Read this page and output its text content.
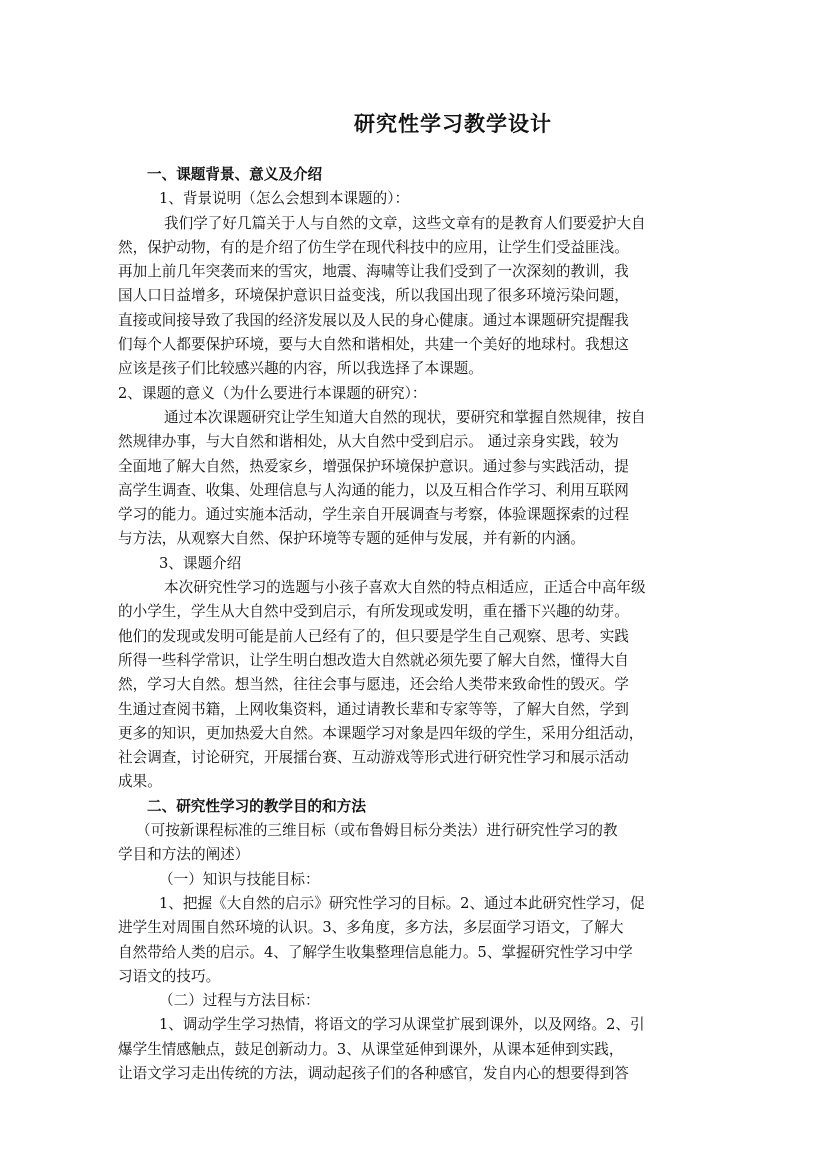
研究性学习教学设计
一、课题背景、意义及介绍
1、背景说明（怎么会想到本课题的）：
我们学了好几篇关于人与自然的文章，这些文章有的是教育人们要爱护大自
然，保护动物，有的是介绍了仿生学在现代科技中的应用，让学生们受益匪浅。
再加上前几年突袭而来的雪灾，地震、海啸等让我们受到了一次深刻的教训，我
国人口日益增多，环境保护意识日益变浅，所以我国出现了很多环境污染问题，
直接或间接导致了我国的经济发展以及人民的身心健康。通过本课题研究提醒我
们每个人都要保护环境，要与大自然和谐相处，共建一个美好的地球村。我想这
应该是孩子们比较感兴趣的内容，所以我选择了本课题。
2、课题的意义（为什么要进行本课题的研究）：
通过本次课题研究让学生知道大自然的现状，要研究和掌握自然规律，按自
然规律办事，与大自然和谐相处，从大自然中受到启示。 通过亲身实践，较为
全面地了解大自然，热爱家乡，增强保护环境保护意识。通过参与实践活动，提
高学生调查、收集、处理信息与人沟通的能力，以及互相合作学习、利用互联网
学习的能力。通过实施本活动，学生亲自开展调查与考察，体验课题探索的过程
与方法，从观察大自然、保护环境等专题的延伸与发展，并有新的内涵。
3、课题介绍
本次研究性学习的选题与小孩子喜欢大自然的特点相适应，正适合中高年级
的小学生，学生从大自然中受到启示，有所发现或发明，重在播下兴趣的幼芽。
他们的发现或发明可能是前人已经有了的，但只要是学生自己观察、思考、实践
所得一些科学常识，让学生明白想改造大自然就必须先要了解大自然，懂得大自
然，学习大自然。想当然，往往会事与愿违，还会给人类带来致命性的毁灭。学
生通过查阅书籍，上网收集资料，通过请教长辈和专家等等，了解大自然，学到
更多的知识，更加热爱大自然。本课题学习对象是四年级的学生，采用分组活动，
社会调查，讨论研究，开展擂台赛、互动游戏等形式进行研究性学习和展示活动
成果。
二、研究性学习的教学目的和方法
（可按新课程标准的三维目标（或布鲁姆目标分类法）进行研究性学习的教
学目和方法的阐述）
（一）知识与技能目标：
1、把握《大自然的启示》研究性学习的目标。2、通过本此研究性学习，促
进学生对周围自然环境的认识。3、多角度，多方法，多层面学习语文，了解大
自然带给人类的启示。4、了解学生收集整理信息能力。5、掌握研究性学习中学
习语文的技巧。
（二）过程与方法目标：
1、调动学生学习热情，将语文的学习从课堂扩展到课外，以及网络。2、引
爆学生情感触点，鼓足创新动力。3、从课堂延伸到课外，从课本延伸到实践，
让语文学习走出传统的方法，调动起孩子们的各种感官，发自内心的想要得到答
